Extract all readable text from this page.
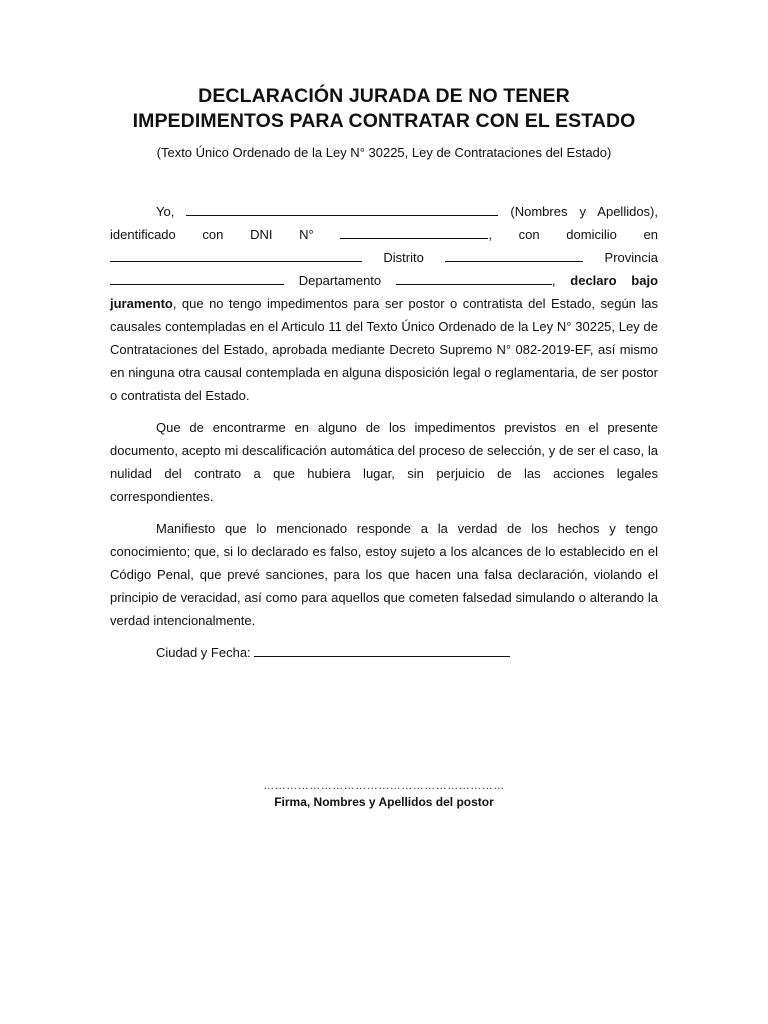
DECLARACIÓN JURADA DE NO TENER
IMPEDIMENTOS PARA CONTRATAR CON EL ESTADO

(Texto Único Ordenado de la Ley N° 30225, Ley de Contrataciones del Estado)

Yo,	(Nombres y Apellidos), identificado con DNI N°	, con domicilio en  Distrito	Provincia  Departamento	, declaro bajo juramento, que no tengo impedimentos para ser postor o contratista del Estado, según las causales contempladas en el Articulo 11 del Texto Único Ordenado de la Ley N° 30225, Ley de Contrataciones del Estado, aprobada mediante Decreto Supremo N° 082-2019-EF, así mismo en ninguna otra causal contemplada en alguna disposición legal o reglamentaria, de ser postor o contratista del Estado.

Que de encontrarme en alguno de los impedimentos previstos en el presente documento, acepto mi descalificación automática del proceso de selección, y de ser el caso, la nulidad del contrato a que hubiera lugar, sin perjuicio de las acciones legales correspondientes.

Manifiesto que lo mencionado responde a la verdad de los hechos y tengo conocimiento; que, si lo declarado es falso, estoy sujeto a los alcances de lo establecido en el Código Penal, que prevé sanciones, para los que hacen una falsa declaración, violando el principio de veracidad, así como para aquellos que cometen falsedad simulando o alterando la verdad intencionalmente.

Ciudad y Fecha:
………………………………………………………
Firma, Nombres y Apellidos del postor
